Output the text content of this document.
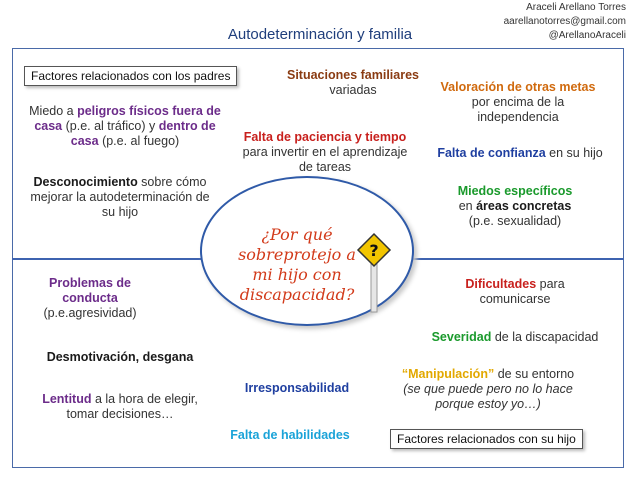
Araceli Arellano Torres
aarellanotorres@gmail.com
@ArellanoAraceli
Autodeterminación y familia
Factores relacionados con los padres
Factores relacionados con su hijo
Miedo a peligros físicos fuera de casa (p.e. al tráfico) y dentro de casa (p.e. al fuego)
Desconocimiento sobre cómo mejorar la autodeterminación de su hijo
Situaciones familiares
variadas
Falta de paciencia y tiempo para invertir en el aprendizaje de tareas
Valoración de otras metas
por encima de la independencia
Falta de confianza en su hijo
Miedos específicos
en áreas concretas
(p.e. sexualidad)
Problemas de conducta
(p.e.agresividad)
Desmotivación, desgana
Lentitud a la hora de elegir, tomar decisiones…
Irresponsabilidad
Falta de habilidades
Dificultades para comunicarse
Severidad de la discapacidad
“Manipulación” de su entorno
(se que puede pero no lo hace porque estoy yo…)
¿Por qué sobreprotejo a mi hijo con discapacidad?
?
